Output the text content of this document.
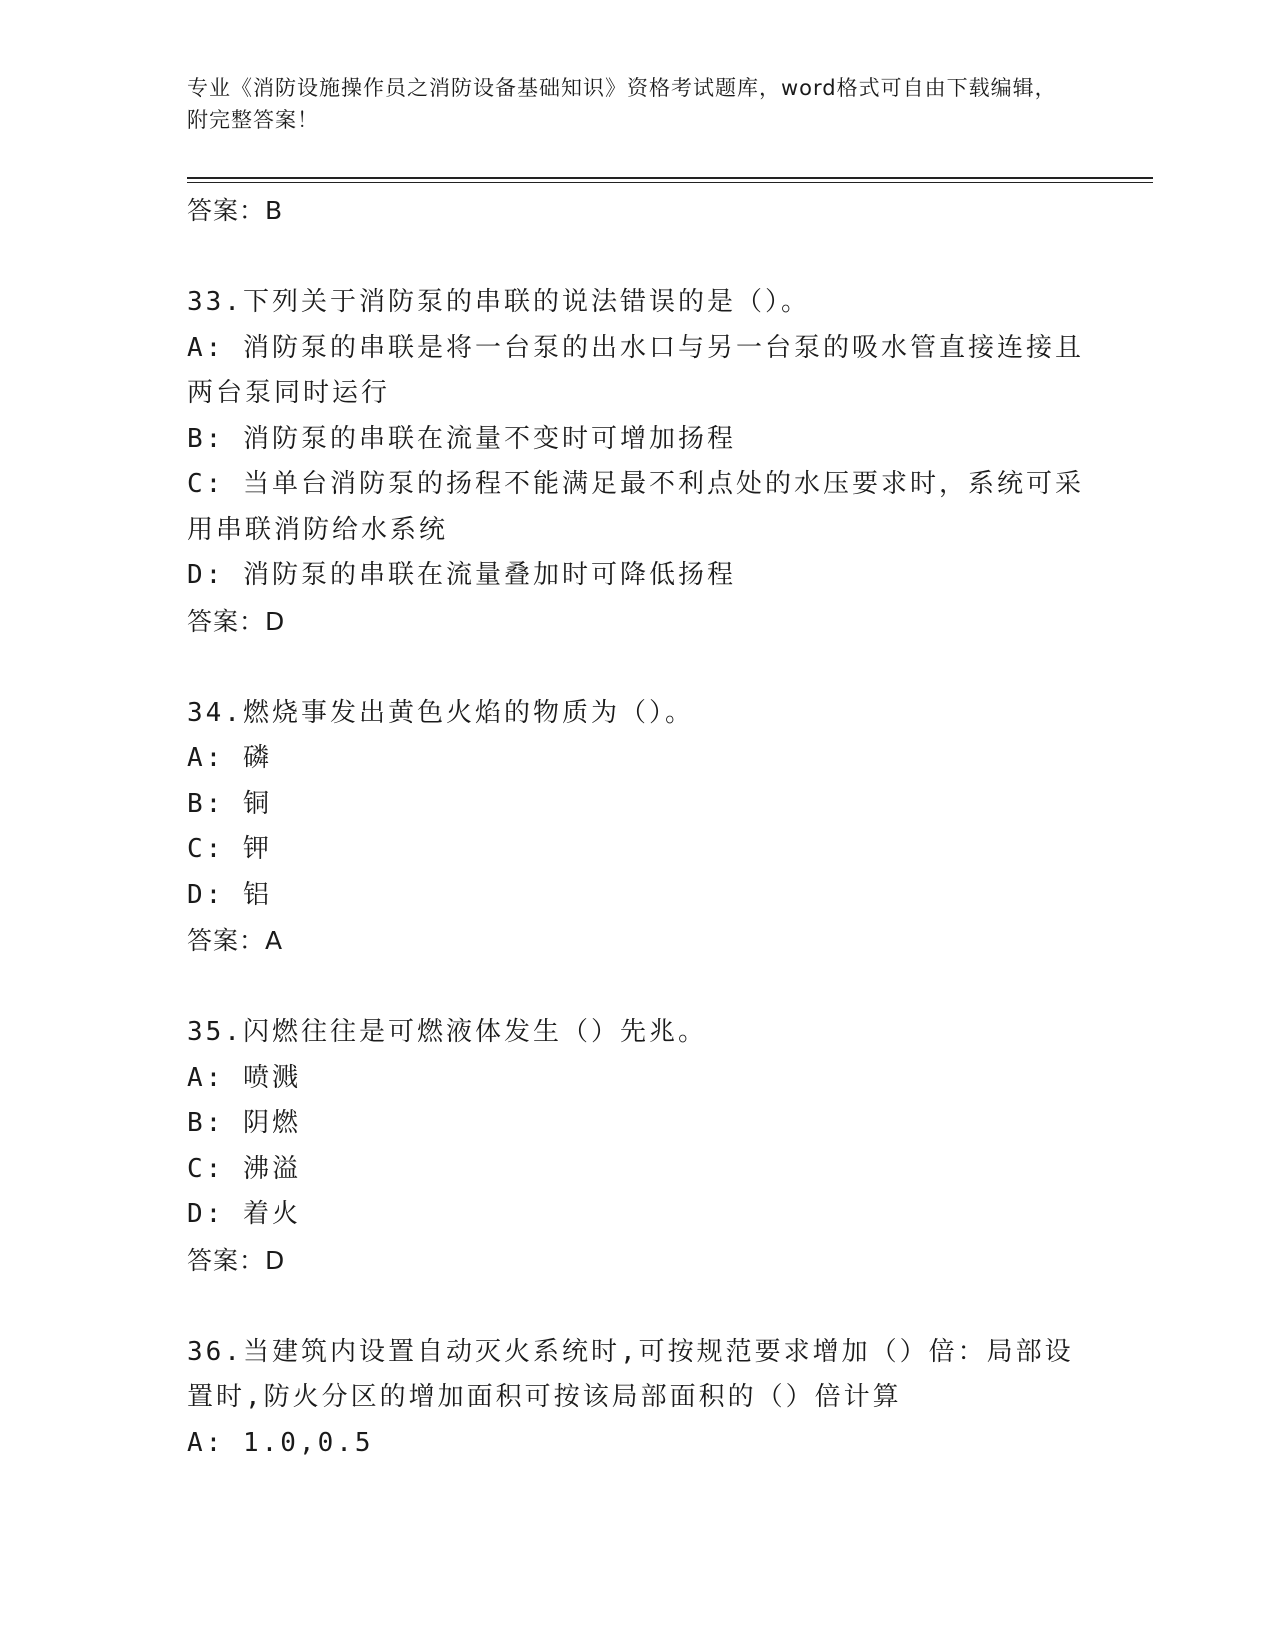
专业《消防设施操作员之消防设备基础知识》资格考试题库，word格式可自由下载编辑，附完整答案！
答案：B
33.下列关于消防泵的串联的说法错误的是（）。
A: 消防泵的串联是将一台泵的出水口与另一台泵的吸水管直接连接且两台泵同时运行
B: 消防泵的串联在流量不变时可增加扬程
C: 当单台消防泵的扬程不能满足最不利点处的水压要求时，系统可采用串联消防给水系统
D: 消防泵的串联在流量叠加时可降低扬程
答案：D
34.燃烧事发出黄色火焰的物质为（）。
A: 磷
B: 铜
C: 钾
D: 铝
答案：A
35.闪燃往往是可燃液体发生（）先兆。
A: 喷溅
B: 阴燃
C: 沸溢
D: 着火
答案：D
36.当建筑内设置自动灭火系统时,可按规范要求增加（）倍：局部设置时,防火分区的增加面积可按该局部面积的（）倍计算
A: 1.0,0.5
